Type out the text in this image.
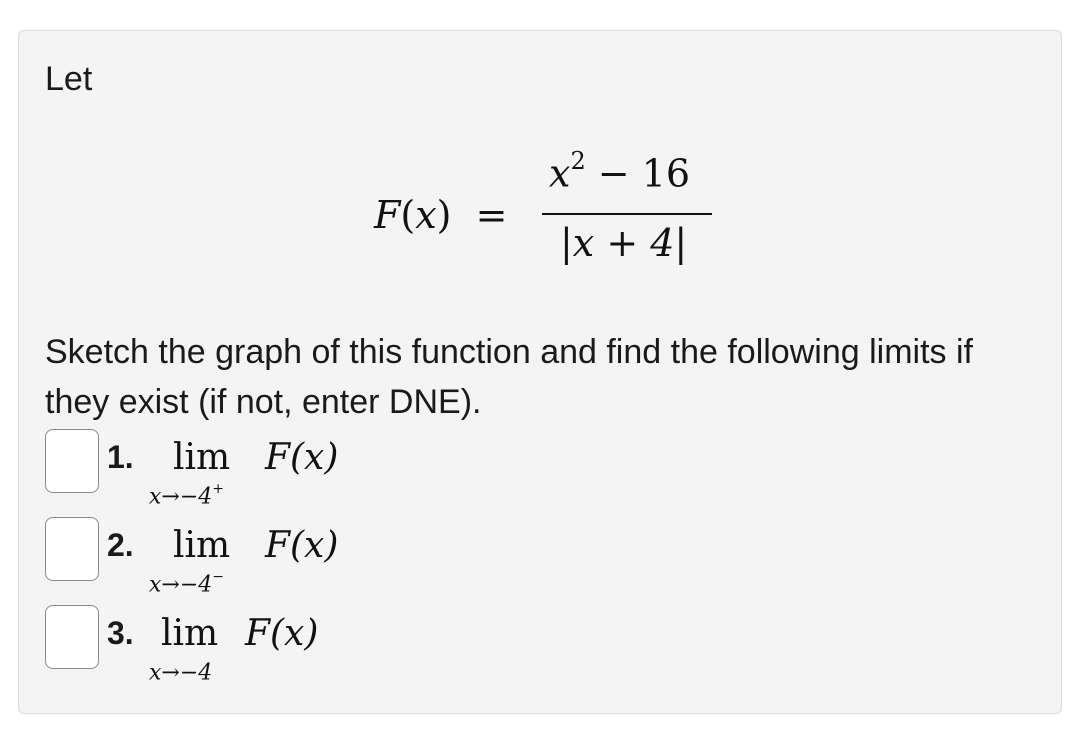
Let
F(x)  =
$x^2 - 16$
|x + 4|
Sketch the graph of this function and find the following limits if they exist (if not, enter DNE).
1. lim
x→−4+
F(x)
2. lim
x→−4−
F(x)
3. lim
x→−4
F(x)
